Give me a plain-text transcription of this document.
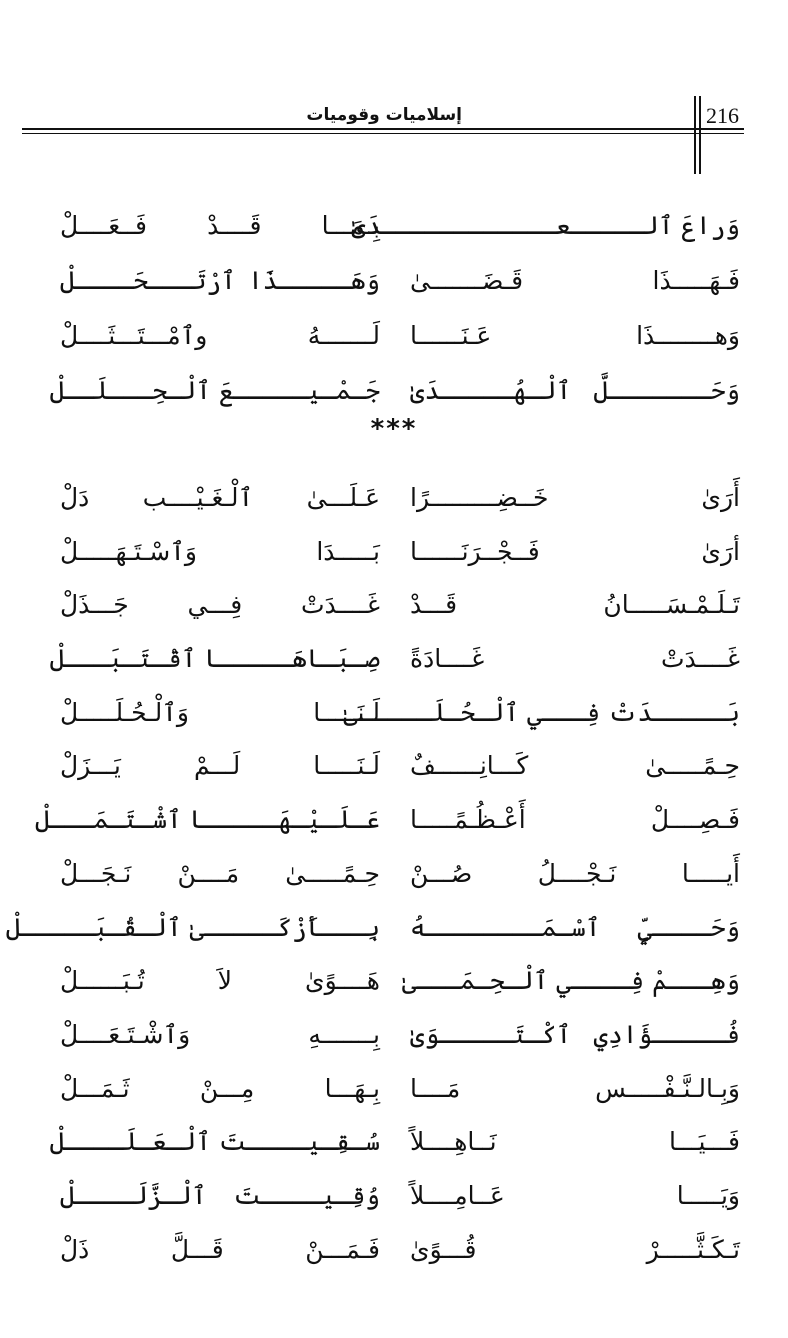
216
إسلاميات وقوميات
وَراعَ ٱلـــــعــــــــــــدَىٰ
بِـمَـــا قَــــدْ فَــعَــــلْ
فَـهَـــــذَا قَـضَـــــــىٰ
وَهَـــــذَا ٱرْتَـــحَــــلْ
وَهــــــــذَا عَـنَــــــا
لَـــــــهُ وٱمْـــتَـــثَــــلْ
وَحَـــــــلَّ ٱلْـهُـــــدَىٰ
جَـمْـيـــــعَ ٱلْـحِـــلَــلْ
***
أَرَىٰ خَــضِـــــــــرًا
عَـلَـــىٰ ٱلْـغَـيْــــب دَلْ
أرَىٰ فَــجْــرَنَــــــا
بَـــــدَا وَٱسْـتَـهَـــــلْ
تَـلَـمْـسَـــــانُ قَـــدْ
غَــــدَتْ فِـــي جَـــذَلْ
غَــــدَتْ غَــــادَةً
صِـبَـاهَـــــا ٱقْـتَـبَـــلْ
بَـــــدَتْ فِـــي ٱلْـحُـلَـــــىٰ
لَـنَـــــا وَٱلْـحُـلَـــــلْ
حِـمًـــــىٰ كَـــانِــــــفٌ
لَـنَـــــا لَـــمْ يَـــزَلْ
فَـصِــــلْ أَعْـظُـمًـــــا
عَـلَـيْـهَـــــا ٱشْـتَـمَـــلْ
أَيـــــا نَـجْــــلُ صُـــنْ
حِـمًـــــىٰ مَــــنْ نَـجَـــلْ
وَحَــــيٍّ ٱسْـمَــــــــهُ
بِـــأَزْكَـــــىٰ ٱلْـقُـبَـــــلْ
وَهِـــمْ فِــــي ٱلْـحِـمَـــىٰ
هَــــوًىٰ لاَ تُـبَــــــلْ
فُـــــؤَادِي ٱكْـتَـــــوَىٰ
بِـــــــهِ وَٱشْـتَـعَــــلْ
وَبِـالـنَّـفْـــــس مَــــا
بِـهَـــا مِـــنْ ثَـمَـــلْ
فَـــيَـــا نَــاهِــــلاً
سُـقِـيــــتَ ٱلْـعَـلَــــلْ
وَيَـــــا عَــامِــــلاً
وُقِـيــــتَ ٱلْـزَّلَــــلْ
تَـكَـثَّـــــرْ قُـــوًىٰ
فَـمَـــنْ قَـــلَّ ذَلْ
